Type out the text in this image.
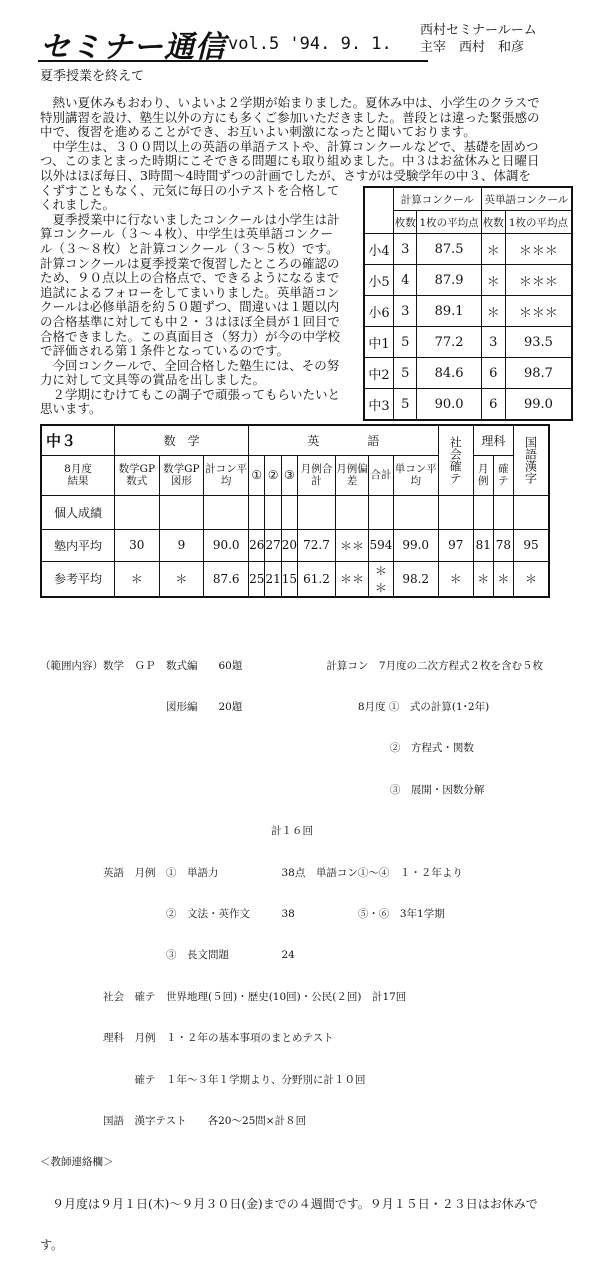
セミナー通信 vol.5 '94. 9. 1.
西村セミナールーム
主宰　西村　和彦
夏季授業を終えて
　熱い夏休みもおわり、いよいよ２学期が始まりました。夏休み中は、小学生のクラスで
特別講習を設け、塾生以外の方にも多くご参加いただきました。普段とは違った緊張感の
中で、復習を進めることができ、お互いよい刺激になったと聞いております。
　中学生は、３００問以上の英語の単語テストや、計算コンクールなどで、基礎を固めつ
つ、このまとまった時期にこそできる問題にも取り組めました。中３はお盆休みと日曜日
以外はほぼ毎日、3時間～4時間ずつの計画でしたが、さすがは受験学年の中３、体調を
くずすこともなく、元気に毎日の小テストを合格して
くれました。
　夏季授業中に行ないましたコンクールは小学生は計
算コンクール（３～４枚）、中学生は英単語コンクー
ル（３～８枚）と計算コンクール（３～５枚）です。
計算コンクールは夏季授業で復習したところの確認の
ため、９０点以上の合格点で、できるようになるまで
追試によるフォローをしてまいりました。英単語コン
クールは必修単語を約５０題ずつ、間違いは１題以内
の合格基準に対しても中２・３はほぼ全員が１回目で
合格できました。この真面目さ（努力）が今の中学校
で評価される第１条件となっているのです。
　今回コンクールで、全回合格した塾生には、その努
力に対して文具等の賞品を出しました。
　２学期にむけてもこの調子で頑張ってもらいたいと
思います。
	計算コンクール		英単語コンクール	
	枚数	1枚の平均点	枚数	1枚の平均点
小4	3	87.5	＊	＊＊＊
小5	4	87.9	＊	＊＊＊
小6	3	89.1	＊	＊＊＊
中1	5	77.2	3	93.5
中2	5	84.6	6	98.7
中3	5	90.0	6	99.0
中３	数　学			英　　　　語							社会確テ	理科		国語漢字

8月度
結果	数学GP数式	数学GP図形	計コン平均	①	②	③	月例合計	月例偏差	合計	単コン平均		月例	確テ	
個人成績														
塾内平均	30	9	90.0	26	27	20	72.7	＊＊	594	99.0	97	81	78	95
参考平均	＊	＊	87.6	25	21	15	61.2	＊＊	＊＊	98.2	＊	＊	＊	＊

（範囲内容）数学　ＧＰ　数式編　　60題　　　　　　　　計算コン　7月度の二次方程式２枚を含む５枚

　　　　　　　　　　　　図形編　　20題　　　　　　　　　　　8月度 ①　式の計算(1･2年)

　　　　　　　　　　　　　　　　　　　　　　　　　　　　　　　　　 ②　方程式・関数

　　　　　　　　　　　　　　　　　　　　　　　　　　　　　　　　　 ③　展開・因数分解

　　　　　　　　　　　　　　　　　　　　　　計１６回

　　　　　　英語　月例　①　単語力　　　　　　38点　単語コン①～④　１・２年より

　　　　　　　　　　　　②　文法・英作文　　　38　　　　　　⑤・⑥　3年1学期

　　　　　　　　　　　　③　長文問題　　　　　24

　　　　　　社会　確テ　世界地理(５回)・歴史(10回)・公民(２回)　計17回

　　　　　　理科　月例　１・２年の基本事項のまとめテスト

　　　　　　　　　確テ　１年～３年１学期より、分野別に計１０回

　　　　　　国語　漢字テスト　　各20～25問×計８回

＜教師連絡欄＞

　９月度は９月１日(木)～９月３０日(金)までの４週間です。９月１５日・２３日はお休みで

す。
